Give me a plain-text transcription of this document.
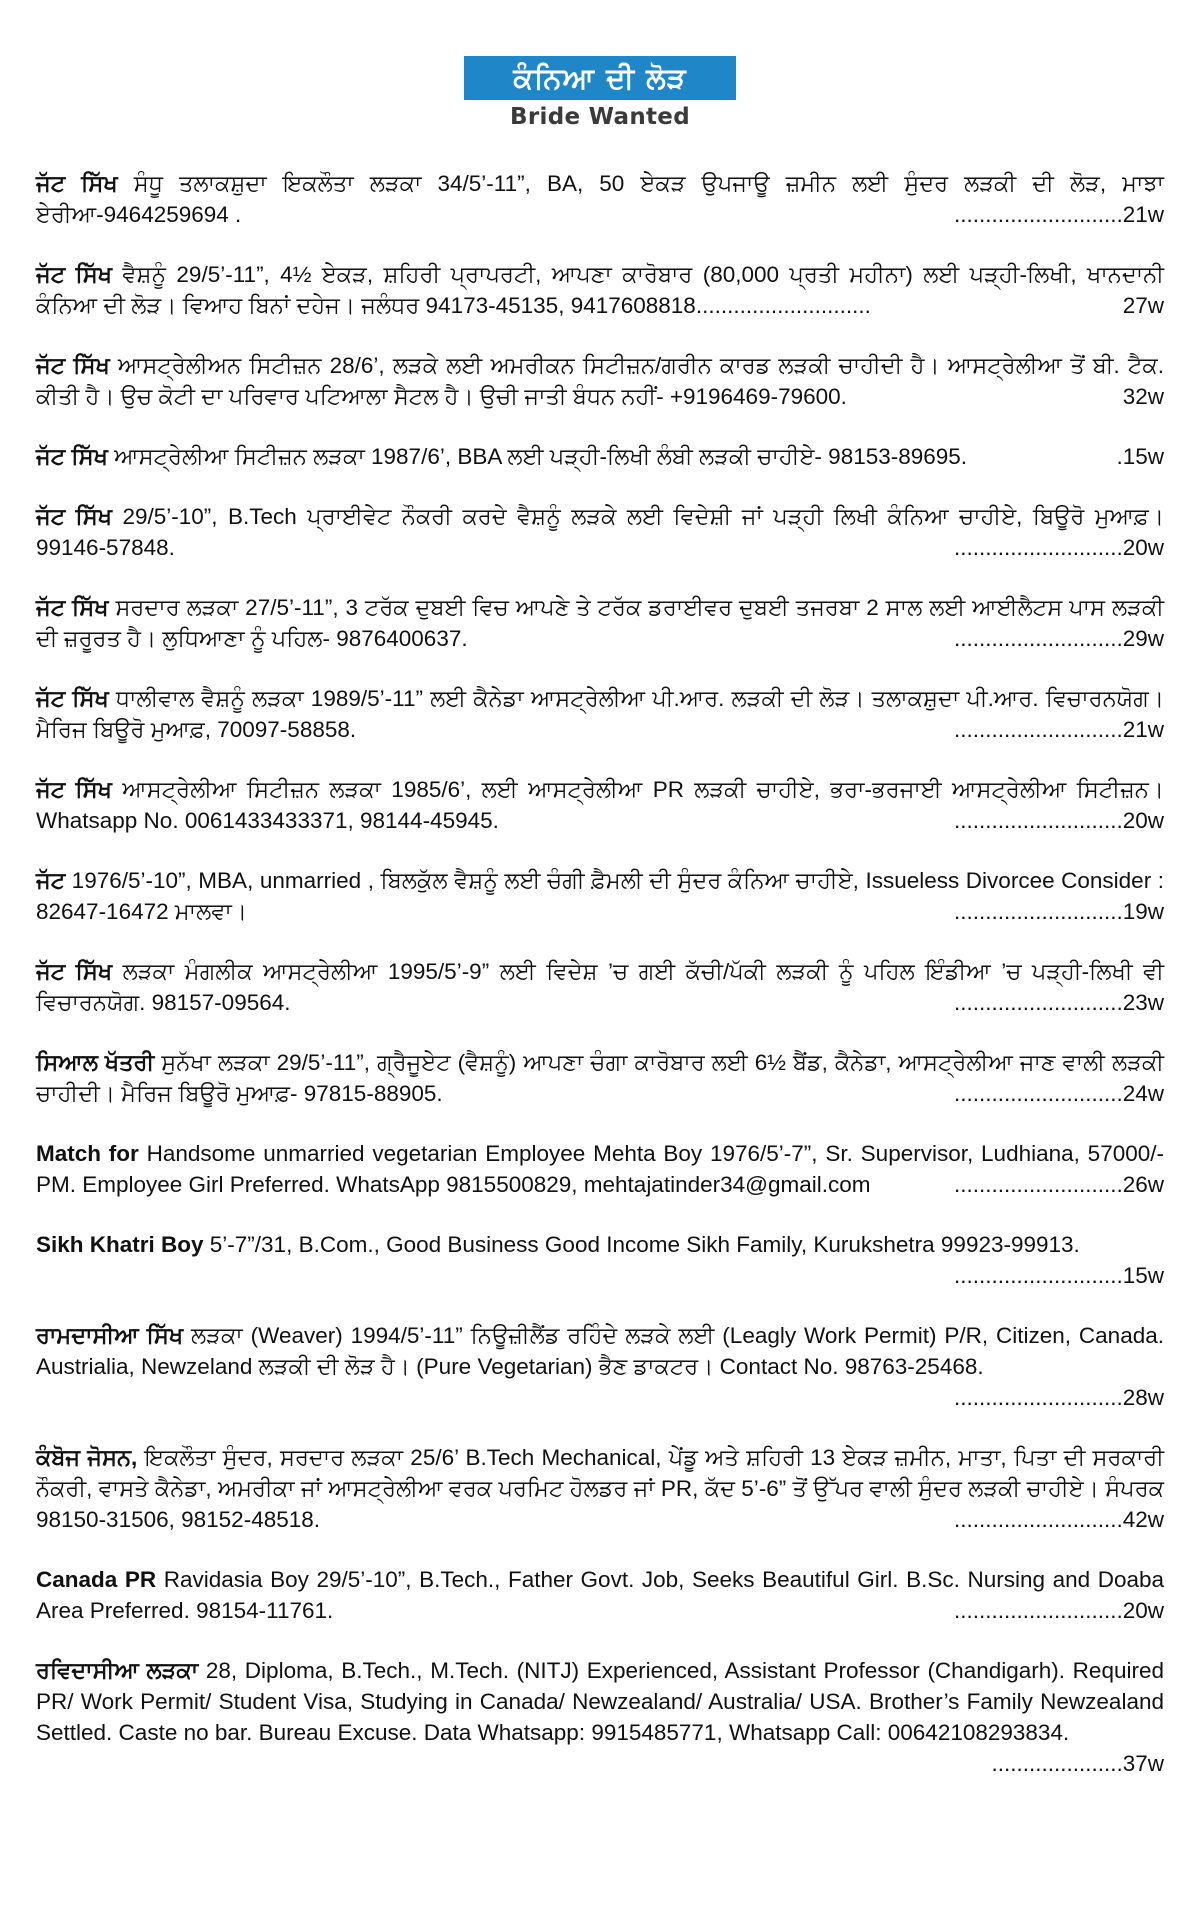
ਕੰਨਿਆ ਦੀ ਲੋੜ
Bride Wanted
ਜੱਟ ਸਿੱਖ ਸੰਧੂ ਤਲਾਕਸ਼ੁਦਾ ਇਕਲੌਤਾ ਲੜਕਾ 34/5’-11”, BA, 50 ਏਕੜ ਉਪਜਾਊ ਜ਼ਮੀਨ ਲਈ ਸੁੰਦਰ ਲੜਕੀ ਦੀ ਲੋੜ, ਮਾਝਾ ਏਰੀਆ-9464259694 .	...........................21w
ਜੱਟ ਸਿੱਖ ਵੈਸ਼ਨੂੰ 29/5’-11”, 4½ ਏਕੜ, ਸ਼ਹਿਰੀ ਪ੍ਰਾਪਰਟੀ, ਆਪਣਾ ਕਾਰੋਬਾਰ (80,000 ਪ੍ਰਤੀ ਮਹੀਨਾ) ਲਈ ਪੜ੍ਹੀ-ਲਿਖੀ, ਖਾਨਦਾਨੀ ਕੰਨਿਆ ਦੀ ਲੋੜ। ਵਿਆਹ ਬਿਨਾਂ ਦਹੇਜ। ਜਲੰਧਰ 94173-45135, 9417608818............................	27w
ਜੱਟ ਸਿੱਖ ਆਸਟ੍ਰੇਲੀਅਨ ਸਿਟੀਜ਼ਨ 28/6’, ਲੜਕੇ ਲਈ ਅਮਰੀਕਨ ਸਿਟੀਜ਼ਨ/ਗਰੀਨ ਕਾਰਡ ਲੜਕੀ ਚਾਹੀਦੀ ਹੈ। ਆਸਟ੍ਰੇਲੀਆ ਤੋਂ ਬੀ. ਟੈਕ. ਕੀਤੀ ਹੈ। ਉਚ ਕੋਟੀ ਦਾ ਪਰਿਵਾਰ ਪਟਿਆਲਾ ਸੈਟਲ ਹੈ। ਉਚੀ ਜਾਤੀ ਬੰਧਨ ਨਹੀਂ- +9196469-79600.	32w
ਜੱਟ ਸਿੱਖ ਆਸਟ੍ਰੇਲੀਆ ਸਿਟੀਜ਼ਨ ਲੜਕਾ 1987/6’, BBA ਲਈ ਪੜ੍ਹੀ-ਲਿਖੀ ਲੰਬੀ ਲੜਕੀ ਚਾਹੀਏ- 98153-89695.	.15w
ਜੱਟ ਸਿੱਖ 29/5’-10”, B.Tech ਪ੍ਰਾਈਵੇਟ ਨੌਕਰੀ ਕਰਦੇ ਵੈਸ਼ਨੂੰ ਲੜਕੇ ਲਈ ਵਿਦੇਸ਼ੀ ਜਾਂ ਪੜ੍ਹੀ ਲਿਖੀ ਕੰਨਿਆ ਚਾਹੀਏ, ਬਿਊਰੋ ਮੁਆਫ਼। 99146-57848.	...........................20w
ਜੱਟ ਸਿੱਖ ਸਰਦਾਰ ਲੜਕਾ 27/5’-11”, 3 ਟਰੱਕ ਦੁਬਈ ਵਿਚ ਆਪਣੇ ਤੇ ਟਰੱਕ ਡਰਾਈਵਰ ਦੁਬਈ ਤਜਰਬਾ 2 ਸਾਲ ਲਈ ਆਈਲੈਟਸ ਪਾਸ ਲੜਕੀ ਦੀ ਜ਼ਰੂਰਤ ਹੈ। ਲੁਧਿਆਣਾ ਨੂੰ ਪਹਿਲ- 9876400637.	...........................29w
ਜੱਟ ਸਿੱਖ ਧਾਲੀਵਾਲ ਵੈਸ਼ਨੂੰ ਲੜਕਾ 1989/5’-11” ਲਈ ਕੈਨੇਡਾ ਆਸਟ੍ਰੇਲੀਆ ਪੀ.ਆਰ. ਲੜਕੀ ਦੀ ਲੋੜ। ਤਲਾਕਸ਼ੁਦਾ ਪੀ.ਆਰ. ਵਿਚਾਰਨਯੋਗ। ਮੈਰਿਜ ਬਿਊਰੋ ਮੁਆਫ਼, 70097-58858.	...........................21w
ਜੱਟ ਸਿੱਖ ਆਸਟ੍ਰੇਲੀਆ ਸਿਟੀਜ਼ਨ ਲੜਕਾ 1985/6’, ਲਈ ਆਸਟ੍ਰੇਲੀਆ PR ਲੜਕੀ ਚਾਹੀਏ, ਭਰਾ-ਭਰਜਾਈ ਆਸਟ੍ਰੇਲੀਆ ਸਿਟੀਜ਼ਨ। Whatsapp No. 0061433433371, 98144-45945.	...........................20w
ਜੱਟ 1976/5’-10”, MBA, unmarried , ਬਿਲਕੁੱਲ ਵੈਸ਼ਨੂੰ ਲਈ ਚੰਗੀ ਫ਼ੈਮਲੀ ਦੀ ਸੁੰਦਰ ਕੰਨਿਆ ਚਾਹੀਏ, Issueless Divorcee Consider : 82647-16472 ਮਾਲਵਾ।	...........................19w
ਜੱਟ ਸਿੱਖ ਲੜਕਾ ਮੰਗਲੀਕ ਆਸਟ੍ਰੇਲੀਆ 1995/5’-9” ਲਈ ਵਿਦੇਸ਼ ’ਚ ਗਈ ਕੱਚੀ/ਪੱਕੀ ਲੜਕੀ ਨੂੰ ਪਹਿਲ ਇੰਡੀਆ ’ਚ ਪੜ੍ਹੀ-ਲਿਖੀ ਵੀ ਵਿਚਾਰਨਯੋਗ. 98157-09564.	...........................23w
ਸਿਆਲ ਖੱਤਰੀ ਸੁਨੱਖਾ ਲੜਕਾ 29/5’-11”, ਗ੍ਰੈਜੂਏਟ (ਵੈਸ਼ਨੂੰ) ਆਪਣਾ ਚੰਗਾ ਕਾਰੋਬਾਰ ਲਈ 6½ ਬੈਂਡ, ਕੈਨੇਡਾ, ਆਸਟ੍ਰੇਲੀਆ ਜਾਣ ਵਾਲੀ ਲੜਕੀ ਚਾਹੀਦੀ। ਮੈਰਿਜ ਬਿਊਰੋ ਮੁਆਫ਼- 97815-88905.	...........................24w
Match for Handsome unmarried vegetarian Employee Mehta Boy 1976/5’-7”, Sr. Supervisor, Ludhiana, 57000/- PM. Employee Girl Preferred. WhatsApp 9815500829, mehtajatinder34@gmail.com	...........................26w
Sikh Khatri Boy 5’-7”/31, B.Com., Good Business Good Income Sikh Family, Kurukshetra 99923-99913.
...........................15w
ਰਾਮਦਾਸੀਆ ਸਿੱਖ ਲੜਕਾ (Weaver) 1994/5’-11” ਨਿਊਜ਼ੀਲੈਂਡ ਰਹਿੰਦੇ ਲੜਕੇ ਲਈ (Leagly Work Permit) P/R, Citizen, Canada. Austrialia, Newzeland ਲੜਕੀ ਦੀ ਲੋੜ ਹੈ। (Pure Vegetarian) ਭੈਣ ਡਾਕਟਰ। Contact No. 98763-25468.
...........................28w
ਕੰਬੋਜ ਜੋਸਨ, ਇਕਲੌਤਾ ਸੁੰਦਰ, ਸਰਦਾਰ ਲੜਕਾ 25/6’ B.Tech Mechanical, ਪੇਂਡੂ ਅਤੇ ਸ਼ਹਿਰੀ 13 ਏਕੜ ਜ਼ਮੀਨ, ਮਾਤਾ, ਪਿਤਾ ਦੀ ਸਰਕਾਰੀ ਨੌਕਰੀ, ਵਾਸਤੇ ਕੈਨੇਡਾ, ਅਮਰੀਕਾ ਜਾਂ ਆਸਟ੍ਰੇਲੀਆ ਵਰਕ ਪਰਮਿਟ ਹੋਲਡਰ ਜਾਂ PR, ਕੱਦ 5’-6” ਤੋਂ ਉੱਪਰ ਵਾਲੀ ਸੁੰਦਰ ਲੜਕੀ ਚਾਹੀਏ। ਸੰਪਰਕ 98150-31506, 98152-48518.	...........................42w
Canada PR Ravidasia Boy 29/5’-10”, B.Tech., Father Govt. Job, Seeks Beautiful Girl. B.Sc. Nursing and Doaba Area Preferred. 98154-11761.	...........................20w
ਰਵਿਦਾਸੀਆ ਲੜਕਾ 28, Diploma, B.Tech., M.Tech. (NITJ) Experienced, Assistant Professor (Chandigarh). Required PR/ Work Permit/ Student Visa, Studying in Canada/ Newzealand/ Australia/ USA. Brother’s Family Newzealand Settled. Caste no bar. Bureau Excuse. Data Whatsapp: 9915485771, Whatsapp Call: 00642108293834.
.....................37w
